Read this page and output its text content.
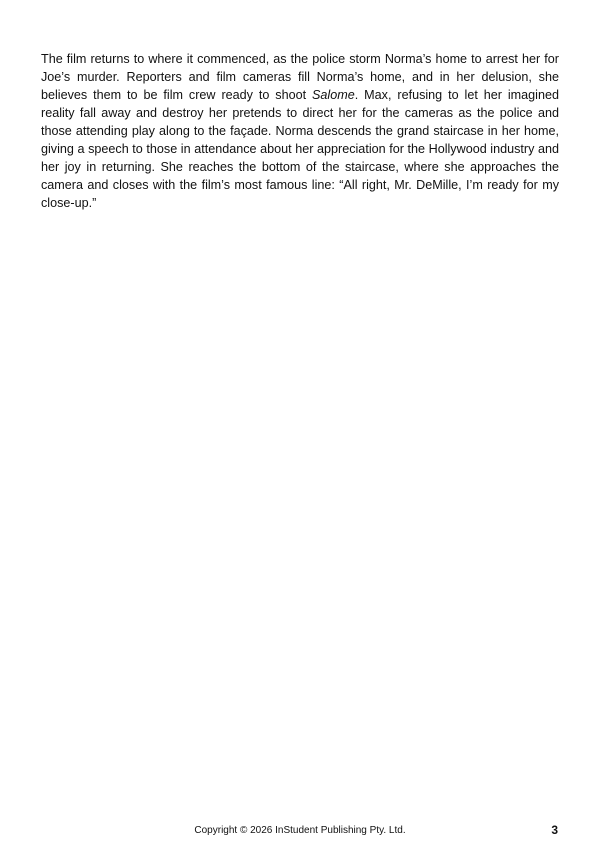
The film returns to where it commenced, as the police storm Norma’s home to arrest her for Joe’s murder. Reporters and film cameras fill Norma’s home, and in her delusion, she believes them to be film crew ready to shoot Salome. Max, refusing to let her imagined reality fall away and destroy her pretends to direct her for the cameras as the police and those attending play along to the façade. Norma descends the grand staircase in her home, giving a speech to those in attendance about her appreciation for the Hollywood industry and her joy in returning. She reaches the bottom of the staircase, where she approaches the camera and closes with the film’s most famous line: “All right, Mr. DeMille, I’m ready for my close-up.”

Copyright © 2026 InStudent Publishing Pty. Ltd.	3
